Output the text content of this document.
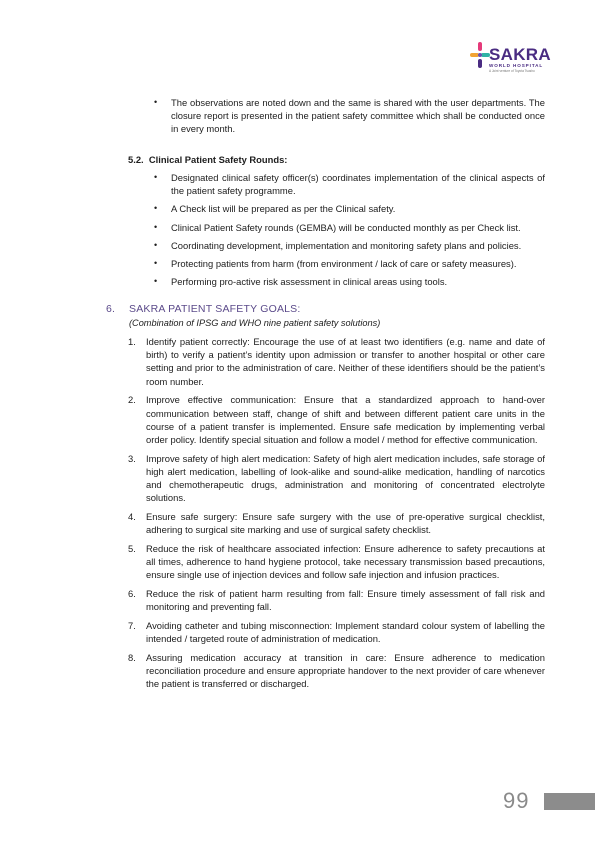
SAKRA
WORLD HOSPITAL
A Joint venture of Toyota Tsusho
• The observations are noted down and the same is shared with the user departments. The closure report is presented in the patient safety committee which shall be conducted once in every month.
5.2.  Clinical Patient Safety Rounds:
• Designated clinical safety officer(s) coordinates implementation of the clinical aspects of the patient safety programme.
• A Check list will be prepared as per the Clinical safety.
• Clinical Patient Safety rounds (GEMBA) will be conducted monthly as per Check list.
• Coordinating development, implementation and monitoring safety plans and policies.
• Protecting patients from harm (from environment / lack of care or safety measures).
• Performing pro-active risk assessment in clinical areas using tools.
6. SAKRA PATIENT SAFETY GOALS:
(Combination of IPSG and WHO nine patient safety solutions)
1. Identify patient correctly: Encourage the use of at least two identifiers (e.g. name and date of birth) to verify a patient’s identity upon admission or transfer to another hospital or other care setting and prior to the administration of care. Neither of these identifiers should be the patient’s room number.
2. Improve effective communication: Ensure that a standardized approach to hand-over communication between staff, change of shift and between different patient care units in the course of a patient transfer is implemented. Ensure safe medication by implementing verbal order policy. Identify special situation and follow a model / method for effective communication.
3. Improve safety of high alert medication: Safety of high alert medication includes, safe storage of high alert medication, labelling of look-alike and sound-alike medication, handling of narcotics and chemotherapeutic drugs, administration and monitoring of concentrated electrolyte solutions.
4. Ensure safe surgery: Ensure safe surgery with the use of pre-operative surgical checklist, adhering to surgical site marking and use of surgical safety checklist.
5. Reduce the risk of healthcare associated infection: Ensure adherence to safety precautions at all times, adherence to hand hygiene protocol, take necessary transmission based precautions, ensure single use of injection devices and follow safe injection and infusion practices.
6. Reduce the risk of patient harm resulting from fall: Ensure timely assessment of fall risk and monitoring and preventing fall.
7. Avoiding catheter and tubing misconnection: Implement standard colour system of labelling the intended / targeted route of administration of medication.
8. Assuring medication accuracy at transition in care: Ensure adherence to medication reconciliation procedure and ensure appropriate handover to the next provider of care whenever the patient is transferred or discharged.
99
